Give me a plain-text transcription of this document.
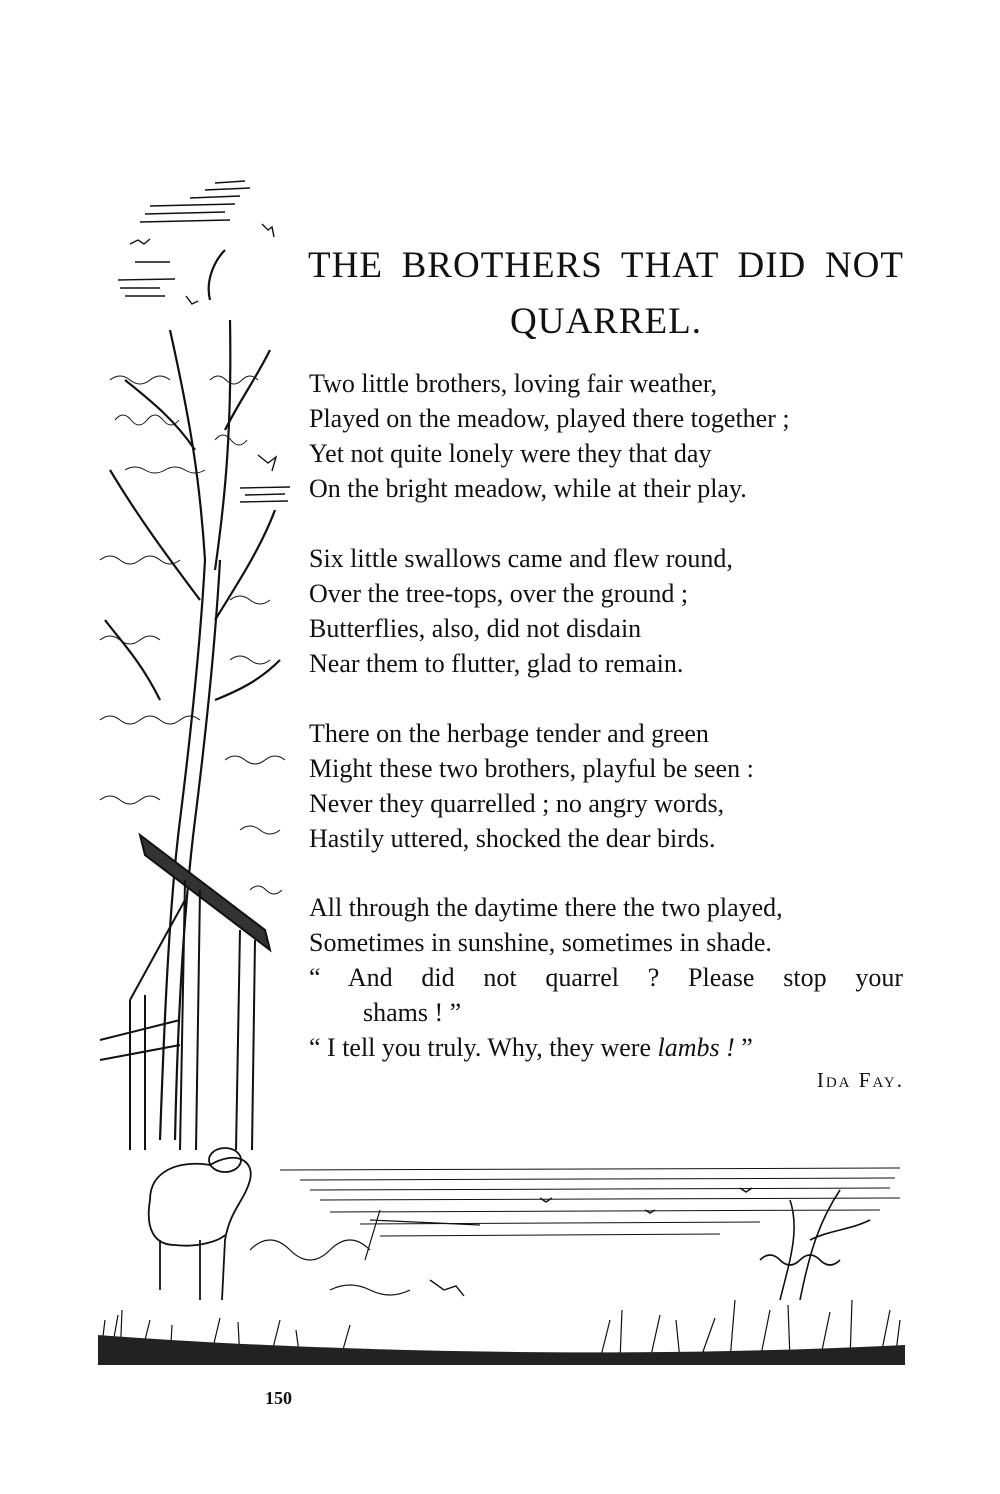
THE BROTHERS THAT DID NOT
QUARREL.
Two little brothers, loving fair weather,
Played on the meadow, played there together ;
Yet not quite lonely were they that day
On the bright meadow, while at their play.
Six little swallows came and flew round,
Over the tree-tops, over the ground ;
Butterflies, also, did not disdain
Near them to flutter, glad to remain.
There on the herbage tender and green
Might these two brothers, playful be seen :
Never they quarrelled ; no angry words,
Hastily uttered, shocked the dear birds.
All through the daytime there the two played,
Sometimes in sunshine, sometimes in shade.
“ And did not quarrel ? Please stop your
shams ! ”
“ I tell you truly. Why, they were lambs ! ”
Ida Fay.
150
